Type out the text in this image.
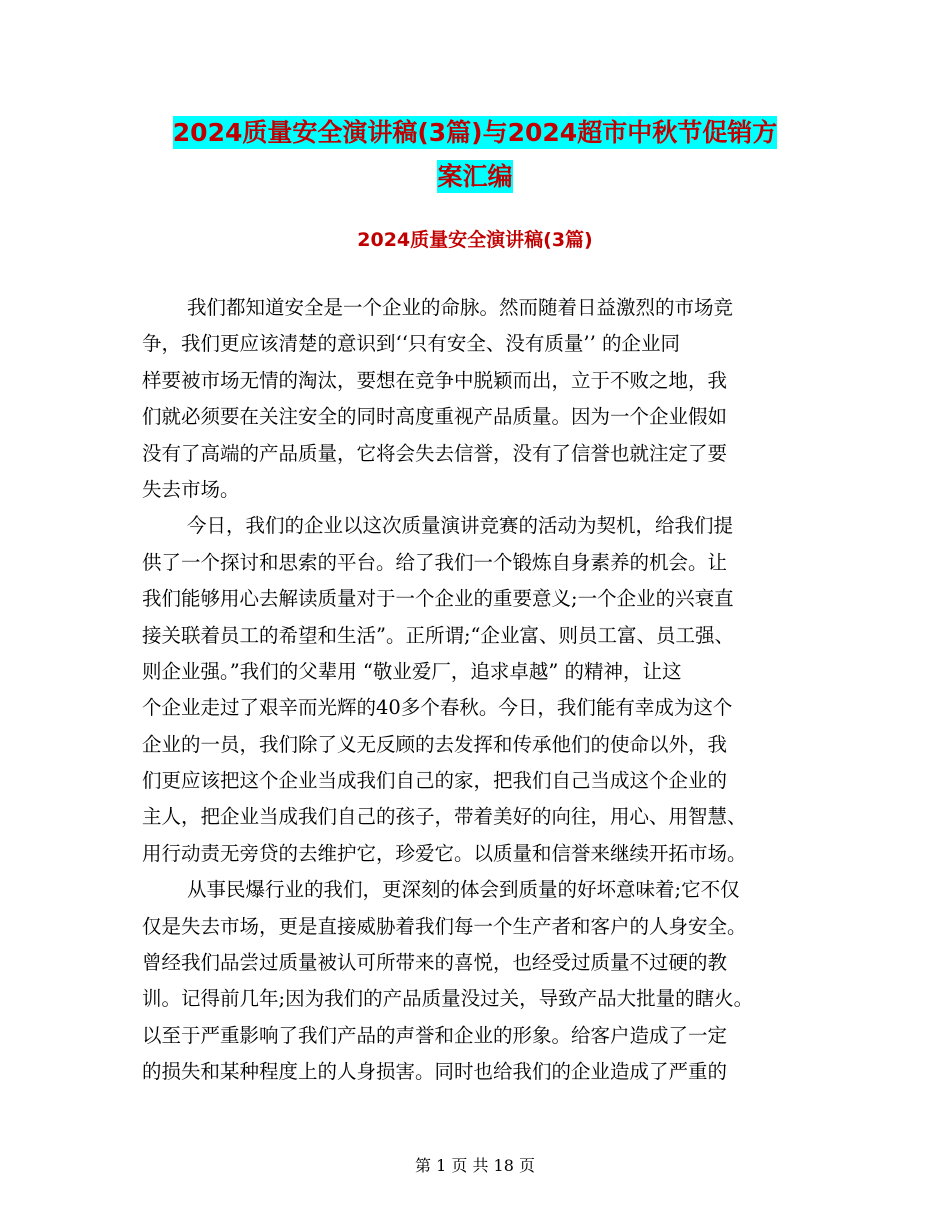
2024质量安全演讲稿(3篇)与2024超市中秋节促销方
案汇编
2024质量安全演讲稿(3篇)
我们都知道安全是一个企业的命脉。然而随着日益激烈的市场竞
争，我们更应该清楚的意识到‘‘只有安全、没有质量’’ 的企业同
样要被市场无情的淘汰，要想在竞争中脱颖而出，立于不败之地，我
们就必须要在关注安全的同时高度重视产品质量。因为一个企业假如
没有了高端的产品质量，它将会失去信誉，没有了信誉也就注定了要
失去市场。
今日，我们的企业以这次质量演讲竞赛的活动为契机，给我们提
供了一个探讨和思索的平台。给了我们一个锻炼自身素养的机会。让
我们能够用心去解读质量对于一个企业的重要意义;一个企业的兴衰直
接关联着员工的希望和生活”。正所谓;“企业富、则员工富、员工强、
则企业强。”我们的父辈用 “敬业爱厂，追求卓越” 的精神，让这
个企业走过了艰辛而光辉的40多个春秋。今日，我们能有幸成为这个
企业的一员，我们除了义无反顾的去发挥和传承他们的使命以外，我
们更应该把这个企业当成我们自己的家，把我们自己当成这个企业的
主人，把企业当成我们自己的孩子，带着美好的向往，用心、用智慧、
用行动责无旁贷的去维护它，珍爱它。以质量和信誉来继续开拓市场。
从事民爆行业的我们，更深刻的体会到质量的好坏意味着;它不仅
仅是失去市场，更是直接威胁着我们每一个生产者和客户的人身安全。
曾经我们品尝过质量被认可所带来的喜悦，也经受过质量不过硬的教
训。记得前几年;因为我们的产品质量没过关，导致产品大批量的瞎火。
以至于严重影响了我们产品的声誉和企业的形象。给客户造成了一定
的损失和某种程度上的人身损害。同时也给我们的企业造成了严重的
第 1 页 共 18 页
